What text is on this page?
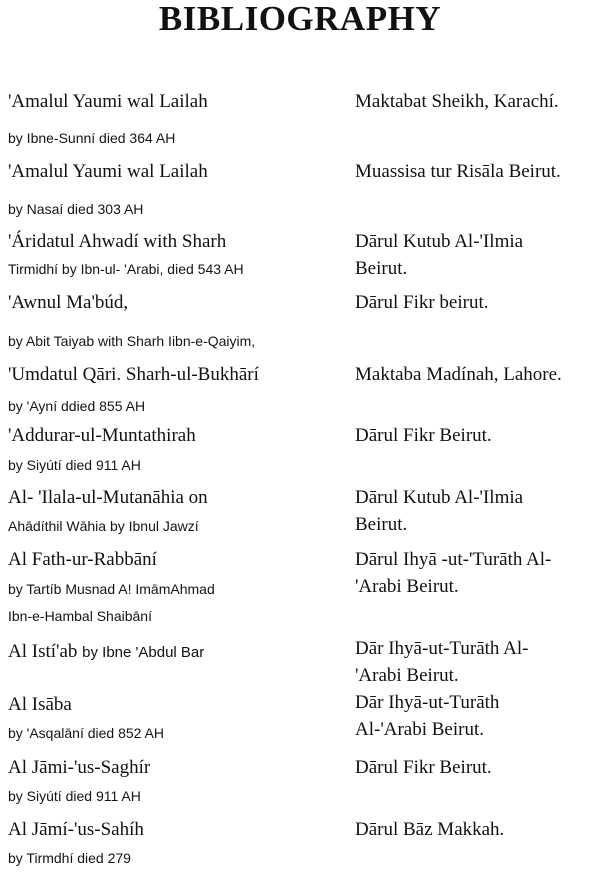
BIBLIOGRAPHY
'Amalul Yaumi wal Lailah
by Ibne-Sunní died 364 AH
Maktabat Sheikh, Karachí.
'Amalul Yaumi wal Lailah
by Nasaí died 303 AH
Muassisa tur Risāla Beirut.
'Áridatul Ahwadí with Sharh
Tirmidhí by Ibn-ul- 'Arabi, died 543 AH
Dārul Kutub Al-'Ilmia
Beirut.
'Awnul Ma'búd,
by Abit Taiyab with Sharh Iibn-e-Qaiyim,
Dārul Fikr beirut.
'Umdatul Qāri. Sharh-ul-Bukhārí
by 'Ayní ddied 855 AH
Maktaba Madínah, Lahore.
'Addurar-ul-Muntathirah
by Siyútí died 911 AH
Dārul Fikr Beirut.
Al- 'Ilala-ul-Mutanāhia on
Ahādíthil Wāhia by Ibnul Jawzí
Dārul Kutub Al-'Ilmia
Beirut.
Al Fath-ur-Rabbāní
by Tartíb Musnad A! ImāmAhmad
Ibn-e-Hambal Shaibāní
Dārul Ihyā -ut-'Turāth Al-
'Arabi Beirut.
Al Istí'ab by Ibne 'Abdul Bar	Dār Ihyā-ut-Turāth Al-
'Arabi Beirut.
Al Isāba
by 'Asqalāní died 852 AH
Dār Ihyā-ut-Turāth
Al-'Arabi Beirut.
Al Jāmi-'us-Saghír
by Siyútí died 911 AH
Dārul Fikr Beirut.
Al Jāmí-'us-Sahíh
by Tirmdhí died 279
Dārul Bāz Makkah.
